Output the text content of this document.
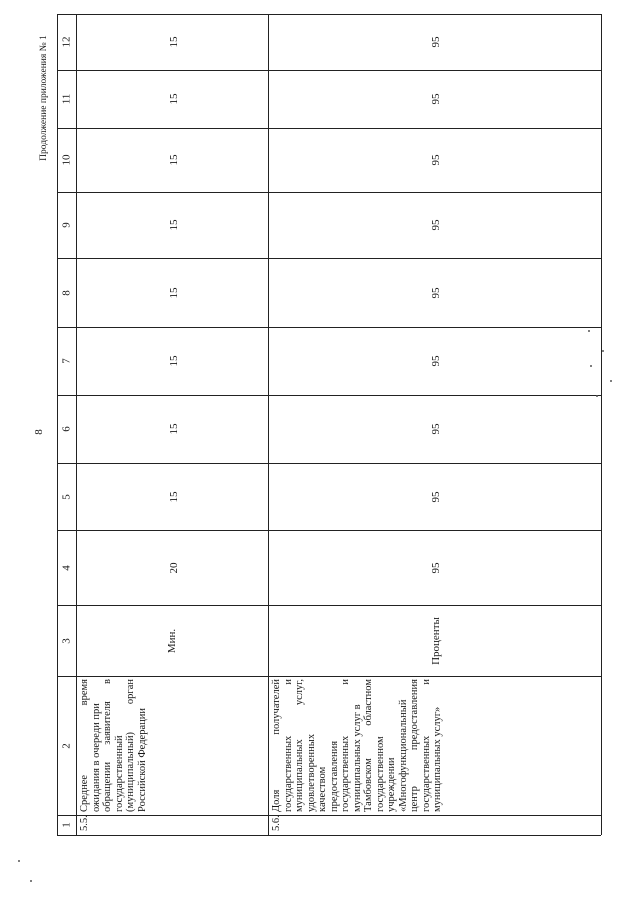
8
Продолжение приложения № 1 12
11
10
9
8
7
6
5
4
3
2
1 5.5.
Среднее
время
ожидания в очереди при обращении
заявителя
в
государственный (муниципальный)
орган
Российской Федерации
Мин.
20
15
15
15
15
15
15
15
15
5.6.
Доля
получателей
государственных
и
муниципальных
услуг,
удовлетворенных качеством предоставления государственных
и
муниципальных услуг в Тамбовском
областном
государственном учреждении «Многофункциональный центр
предоставления
государственных
и
муниципальных услуг»
Проценты
95
95
95
95
95
95
95
95
95
